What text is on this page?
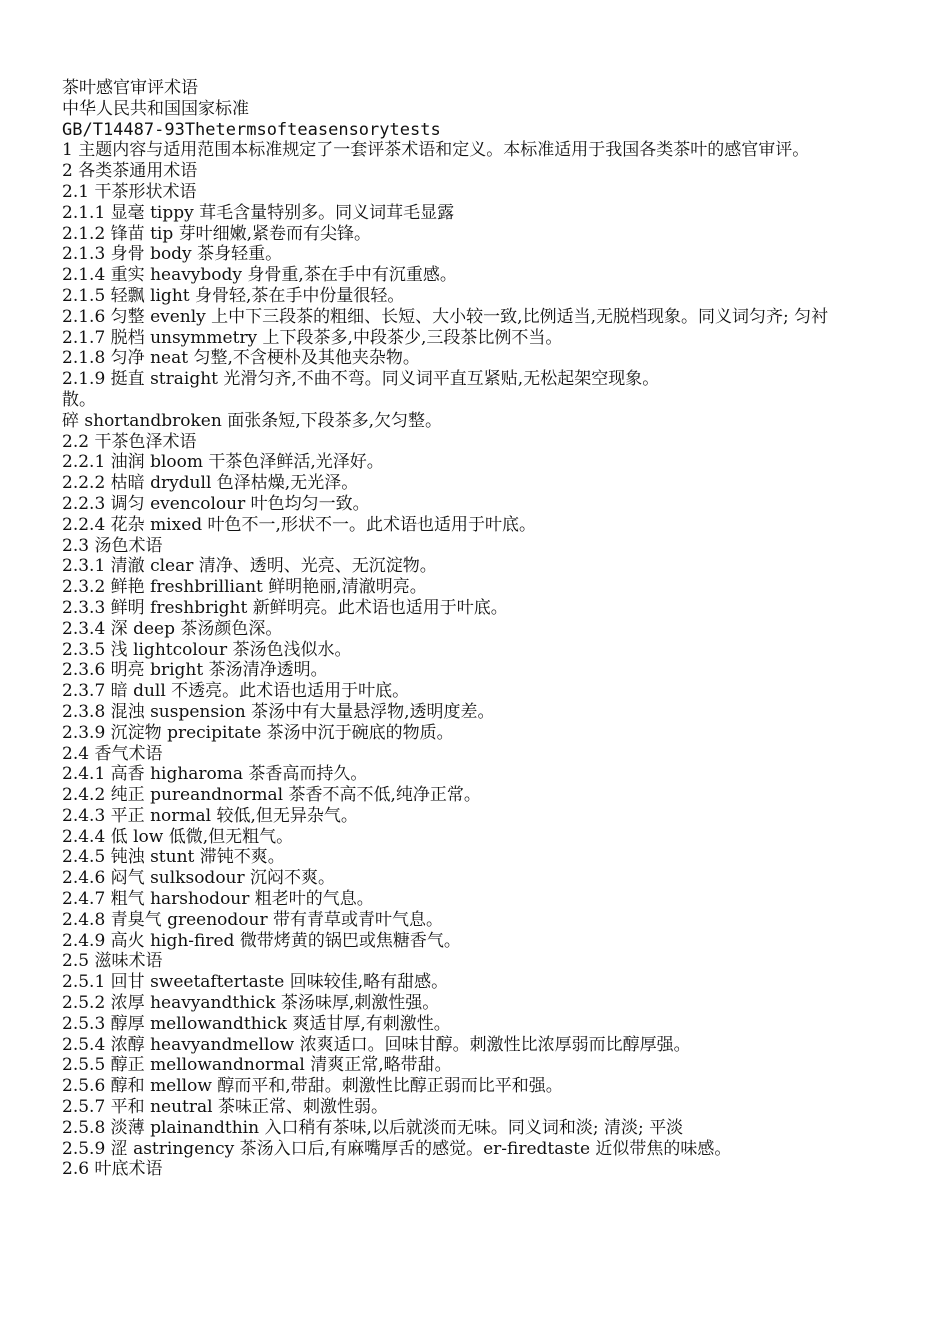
茶叶感官审评术语
中华人民共和国国家标准
GB/T14487-93Thetermsofteasensorytests
1 主题内容与适用范围本标准规定了一套评茶术语和定义。本标准适用于我国各类茶叶的感官审评。
2 各类茶通用术语
2.1 干茶形状术语
2.1.1 显毫 tippy 茸毛含量特别多。同义词茸毛显露
2.1.2 锋苗 tip 芽叶细嫩,紧卷而有尖锋。
2.1.3 身骨 body 茶身轻重。
2.1.4 重实 heavybody 身骨重,茶在手中有沉重感。
2.1.5 轻飘 light 身骨轻,茶在手中份量很轻。
2.1.6 匀整 evenly 上中下三段茶的粗细、长短、大小较一致,比例适当,无脱档现象。同义词匀齐; 匀衬
2.1.7 脱档 unsymmetry 上下段茶多,中段茶少,三段茶比例不当。
2.1.8 匀净 neat 匀整,不含梗朴及其他夹杂物。
2.1.9 挺直 straight 光滑匀齐,不曲不弯。同义词平直互紧贴,无松起架空现象。
散。
碎 shortandbroken 面张条短,下段茶多,欠匀整。
2.2 干茶色泽术语
2.2.1 油润 bloom 干茶色泽鲜活,光泽好。
2.2.2 枯暗 drydull 色泽枯燥,无光泽。
2.2.3 调匀 evencolour 叶色均匀一致。
2.2.4 花杂 mixed 叶色不一,形状不一。此术语也适用于叶底。
2.3 汤色术语
2.3.1 清澈 clear 清净、透明、光亮、无沉淀物。
2.3.2 鲜艳 freshbrilliant 鲜明艳丽,清澈明亮。
2.3.3 鲜明 freshbright 新鲜明亮。此术语也适用于叶底。
2.3.4 深 deep 茶汤颜色深。
2.3.5 浅 lightcolour 茶汤色浅似水。
2.3.6 明亮 bright 茶汤清净透明。
2.3.7 暗 dull 不透亮。此术语也适用于叶底。
2.3.8 混浊 suspension 茶汤中有大量悬浮物,透明度差。
2.3.9 沉淀物 precipitate 茶汤中沉于碗底的物质。
2.4 香气术语
2.4.1 高香 higharoma 茶香高而持久。
2.4.2 纯正 pureandnormal 茶香不高不低,纯净正常。
2.4.3 平正 normal 较低,但无异杂气。
2.4.4 低 low 低微,但无粗气。
2.4.5 钝浊 stunt 滞钝不爽。
2.4.6 闷气 sulksodour 沉闷不爽。
2.4.7 粗气 harshodour 粗老叶的气息。
2.4.8 青臭气 greenodour 带有青草或青叶气息。
2.4.9 高火 high-fired 微带烤黄的锅巴或焦糖香气。
2.5 滋味术语
2.5.1 回甘 sweetaftertaste 回味较佳,略有甜感。
2.5.2 浓厚 heavyandthick 茶汤味厚,刺激性强。
2.5.3 醇厚 mellowandthick 爽适甘厚,有刺激性。
2.5.4 浓醇 heavyandmellow 浓爽适口。回味甘醇。刺激性比浓厚弱而比醇厚强。
2.5.5 醇正 mellowandnormal 清爽正常,略带甜。
2.5.6 醇和 mellow 醇而平和,带甜。刺激性比醇正弱而比平和强。
2.5.7 平和 neutral 茶味正常、刺激性弱。
2.5.8 淡薄 plainandthin 入口稍有茶味,以后就淡而无味。同义词和淡; 清淡; 平淡
2.5.9 涩 astringency 茶汤入口后,有麻嘴厚舌的感觉。er-firedtaste 近似带焦的味感。
2.6 叶底术语
